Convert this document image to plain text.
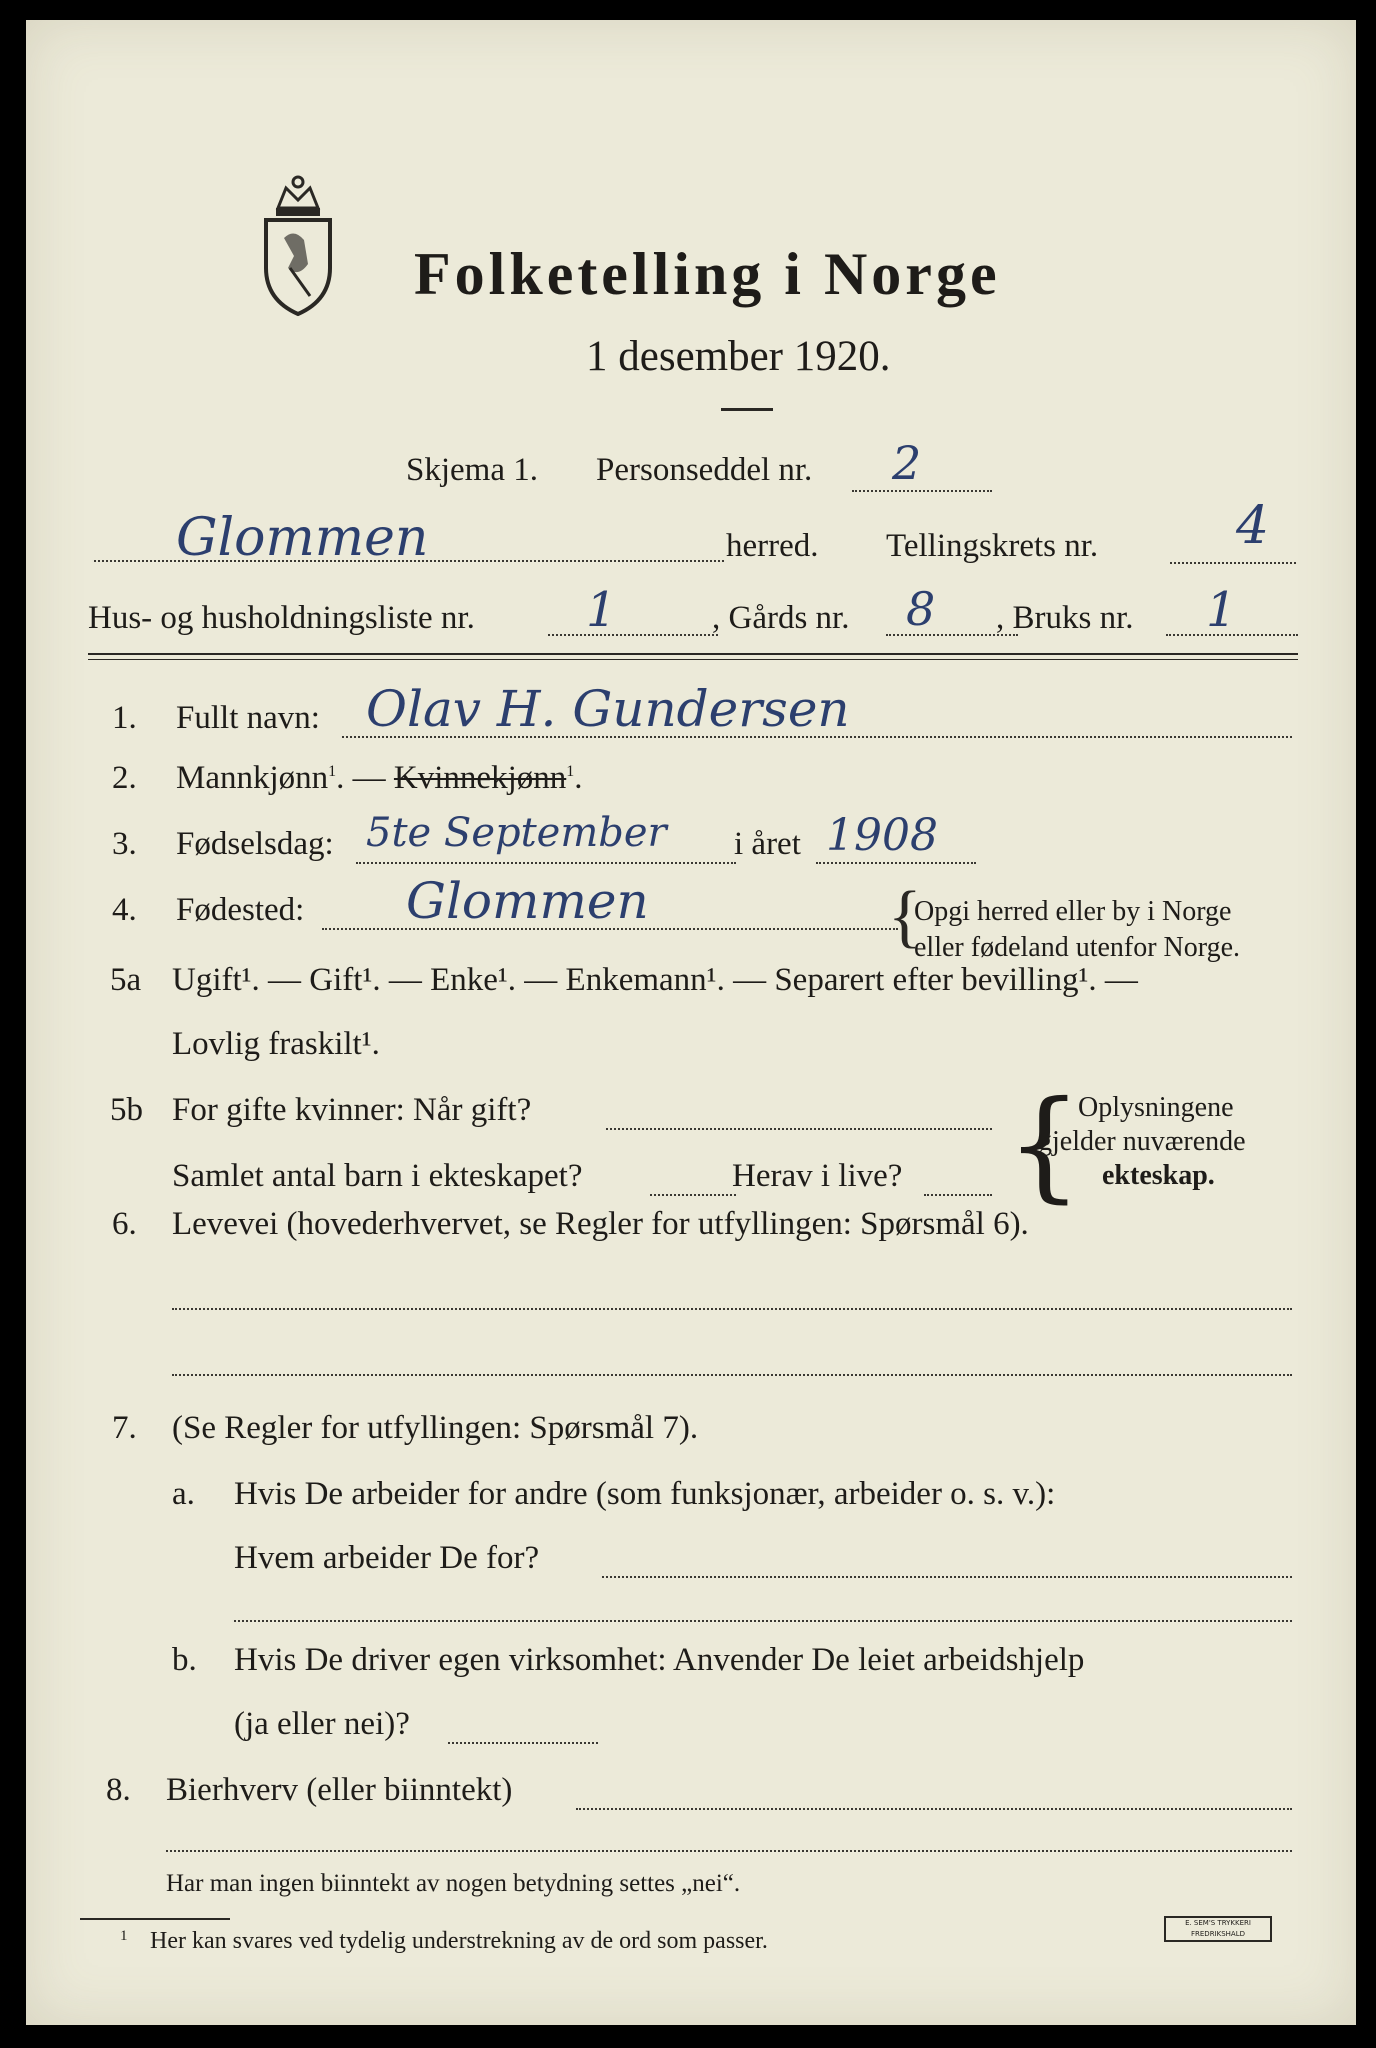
Folketelling i Norge
1 desember 1920.
Skjema 1. Personseddel nr. 2
Glommen	herred. Tellingskrets nr.	4
Hus- og husholdningsliste nr. 1	, Gårds nr. 8 , Bruks nr. 1
1. Fullt navn: Olav H. Gundersen
2. Mannkjønn$^1$. — Kvinnekjønn$^1$.
3. Fødselsdag: 5te September i året 1908
4. Fødested: Glommen	{
Opgi herred eller by i Norge
eller fødeland utenfor Norge.
5a Ugift¹. — Gift¹. — Enke¹. — Enkemann¹. — Separert efter bevilling¹. —
Lovlig fraskilt¹.
5b For gifte kvinner: Når gift?
Samlet antal barn i ekteskapet?	Herav i live? {
Oplysningene
gjelder nuværende
ekteskap.
6. Levevei (hovederhvervet, se Regler for utfyllingen: Spørsmål 6).
7. (Se Regler for utfyllingen: Spørsmål 7).
a. Hvis De arbeider for andre (som funksjonær, arbeider o. s. v.):
Hvem arbeider De for?
b. Hvis De driver egen virksomhet: Anvender De leiet arbeidshjelp
(ja eller nei)?
8. Bierhverv (eller biinntekt)
Har man ingen biinntekt av nogen betydning settes „nei“.
1 Her kan svares ved tydelig understrekning av de ord som passer.
E. SEM'S TRYKKERI FREDRIKSHALD
